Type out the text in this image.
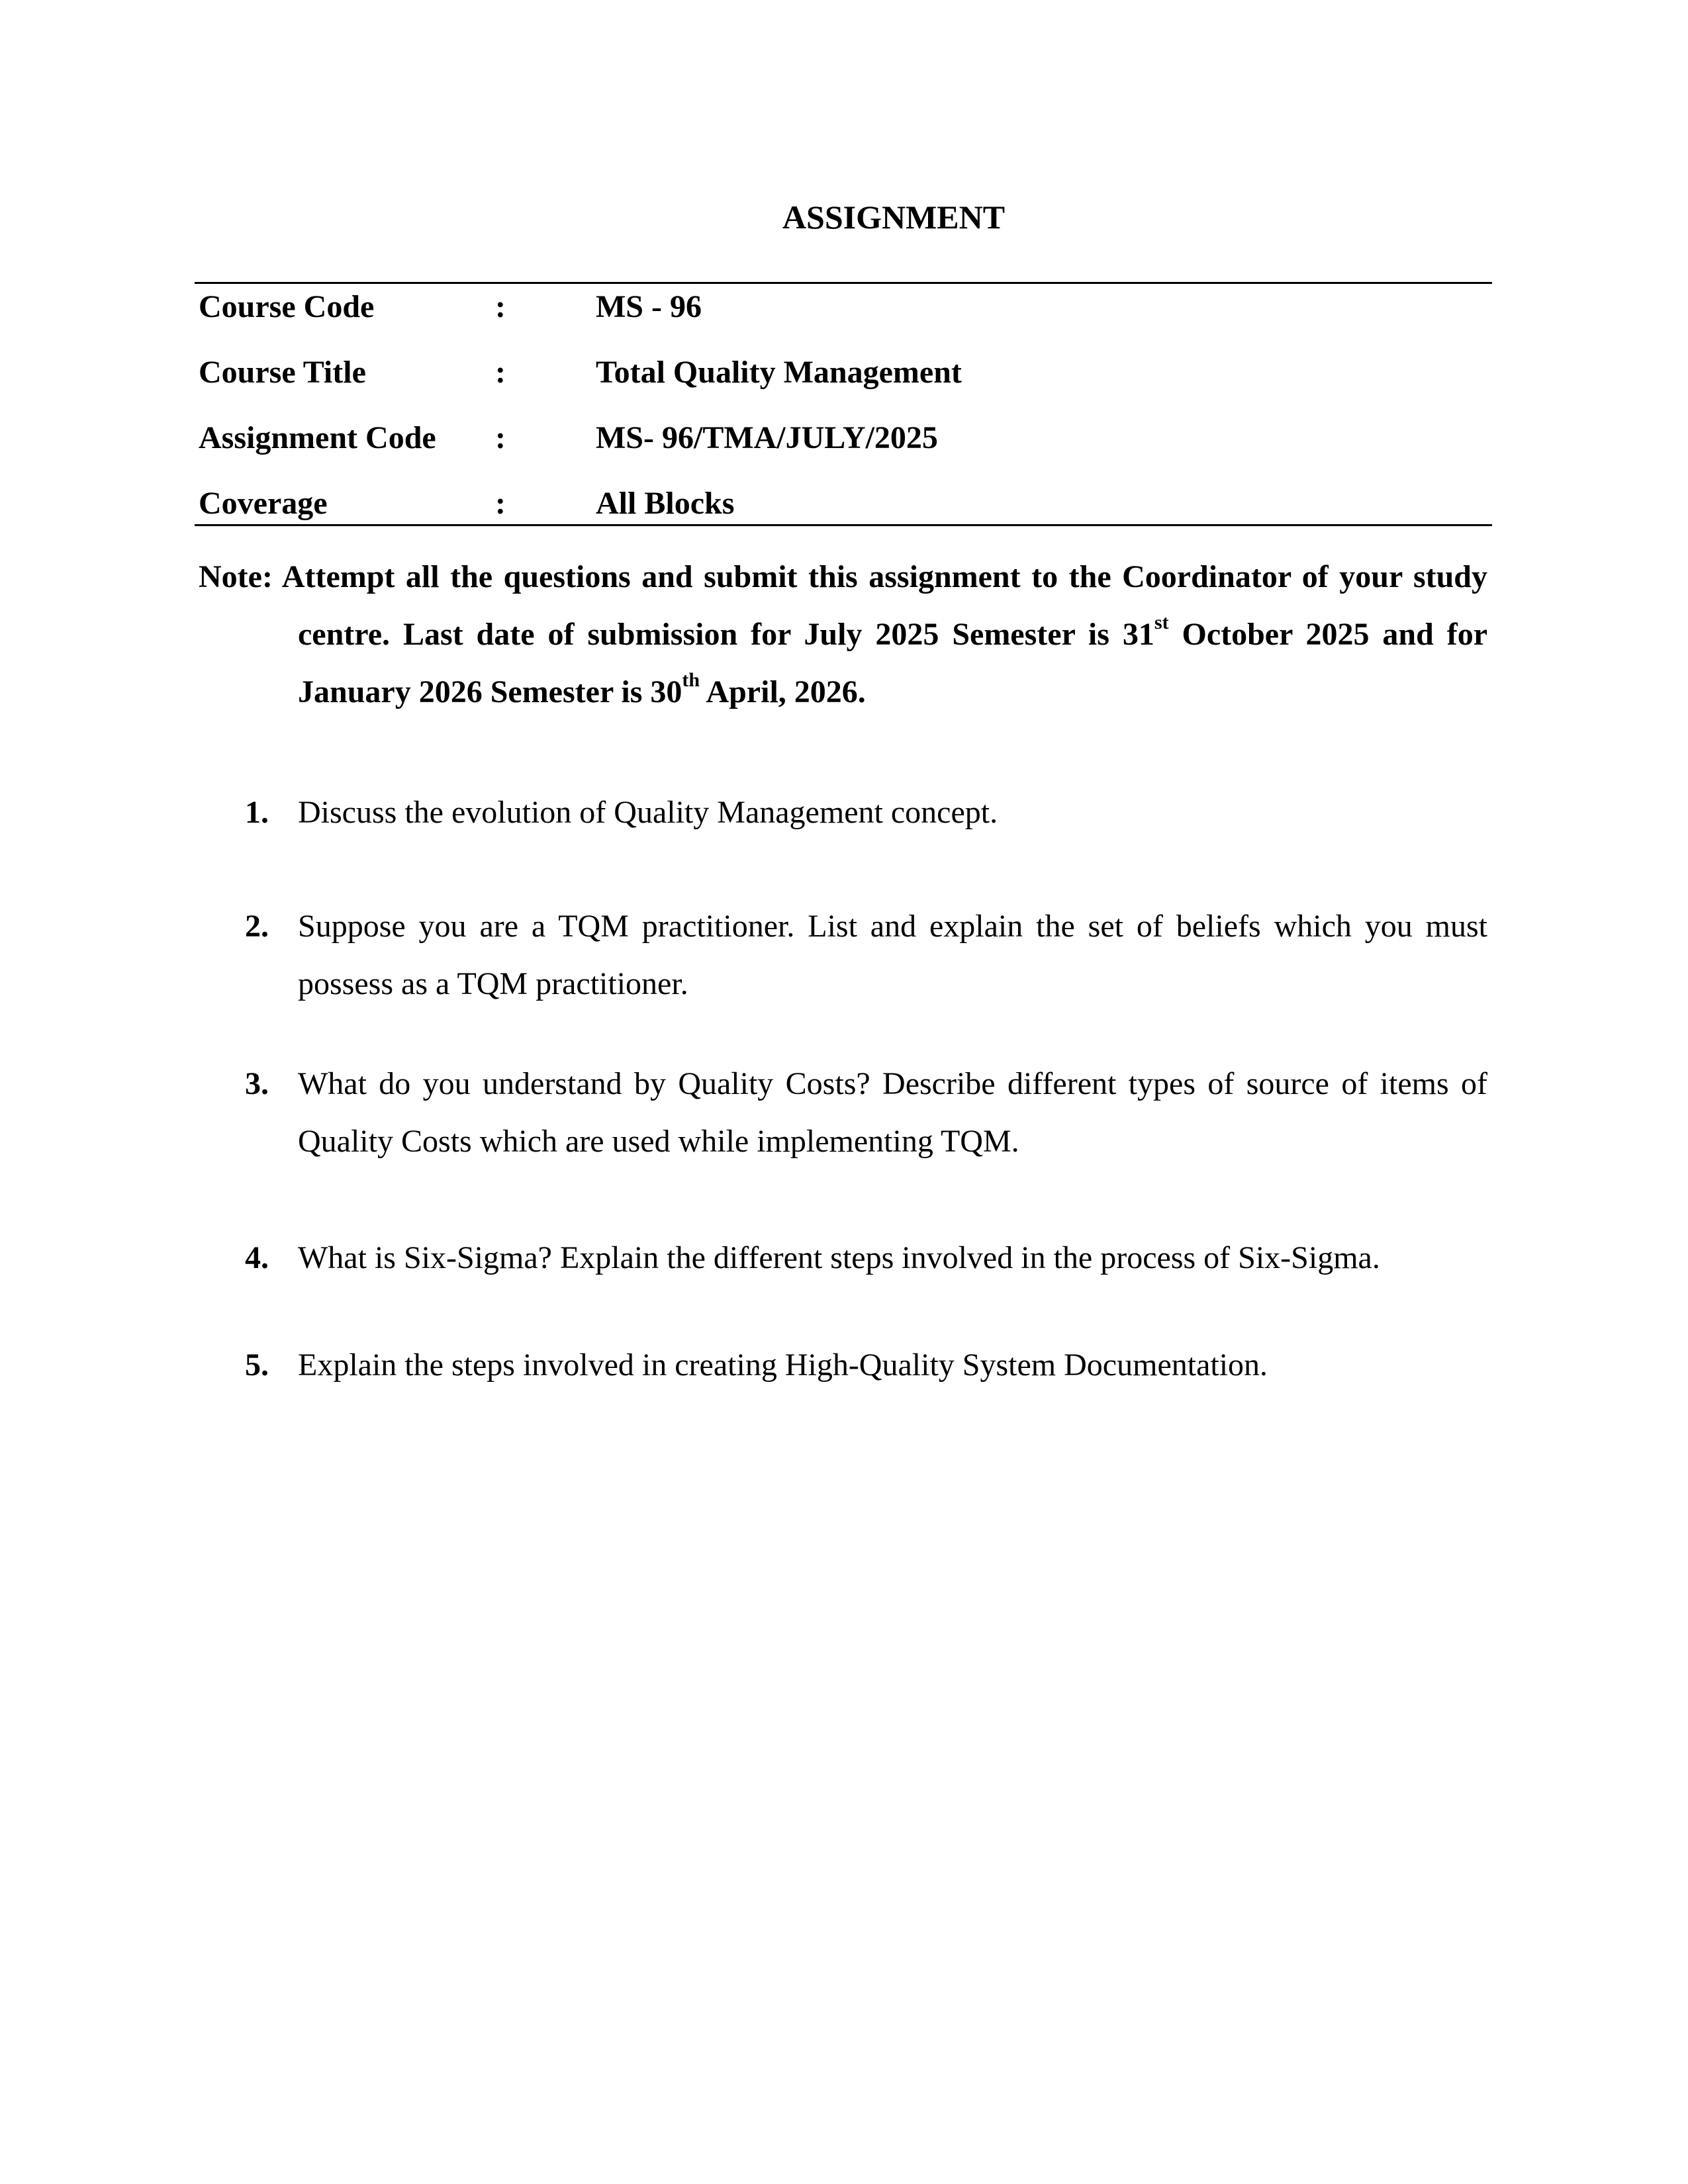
ASSIGNMENT
Course Code	:	MS - 96
Course Title	:	Total Quality Management
Assignment Code :	MS- 96/TMA/JULY/2025
Coverage	:	All Blocks
Note: Attempt all the questions and submit this assignment to the Coordinator of your study centre. Last date of submission for July 2025 Semester is 31st October 2025 and for January 2026 Semester is 30th April, 2026.
1. Discuss the evolution of Quality Management concept.
2. Suppose you are a TQM practitioner. List and explain the set of beliefs which you must possess as a TQM practitioner.
3. What do you understand by Quality Costs? Describe different types of source of items of Quality Costs which are used while implementing TQM.
4. What is Six-Sigma? Explain the different steps involved in the process of Six-Sigma.
5. Explain the steps involved in creating High-Quality System Documentation.
